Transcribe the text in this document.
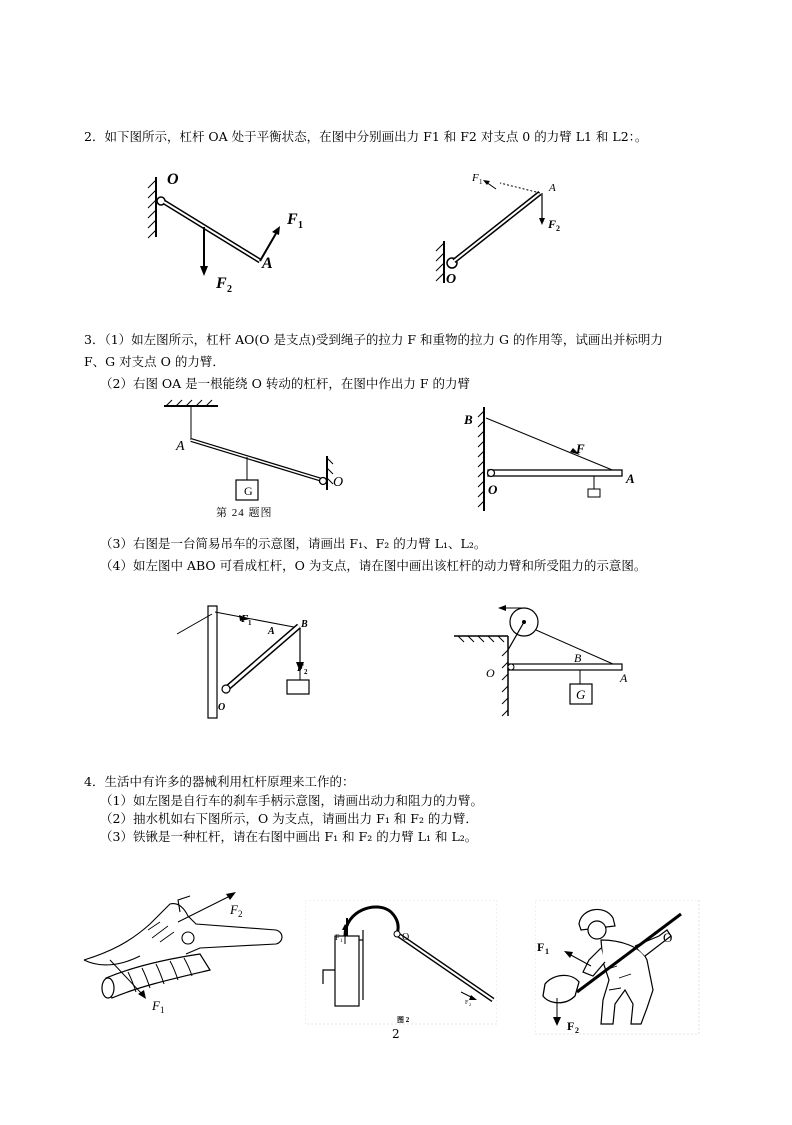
2．如下图所示，杠杆 OA 处于平衡状态，在图中分别画出力 F1 和 F2 对支点 0 的力臂 L1 和 L2：。
O
A
F 1
F 2
O
A
F 1
F 2
3．（1）如左图所示，杠杆 AO(O 是支点)受到绳子的拉力 F 和重物的拉力 G 的作用等，试画出并标明力
F、G 对支点 O 的力臂．
（2）右图 OA 是一根能绕 O 转动的杠杆，在图中作出力 F 的力臂
G
A
O
第 24 题图
B
F
O
A
（3）右图是一台简易吊车的示意图，请画出 F₁、F₂ 的力臂 L₁、L₂。
（4）如左图中 ABO 可看成杠杆，O 为支点，请在图中画出该杠杆的动力臂和所受阻力的示意图。
F 1
A
B
F 2
O
G
B
O	A
4．生活中有许多的器械利用杠杆原理来工作的：
（1）如左图是自行车的刹车手柄示意图，请画出动力和阻力的力臂。
（2）抽水机如右下图所示，O 为支点，请画出力 F₁ 和 F₂ 的力臂．
（3）铁锹是一种杠杆，请在右图中画出 F₁ 和 F₂ 的力臂 L₁ 和 L₂。
F 2
F 1
F 1	O
F 2
图 2
F 1
O
F 2
2
